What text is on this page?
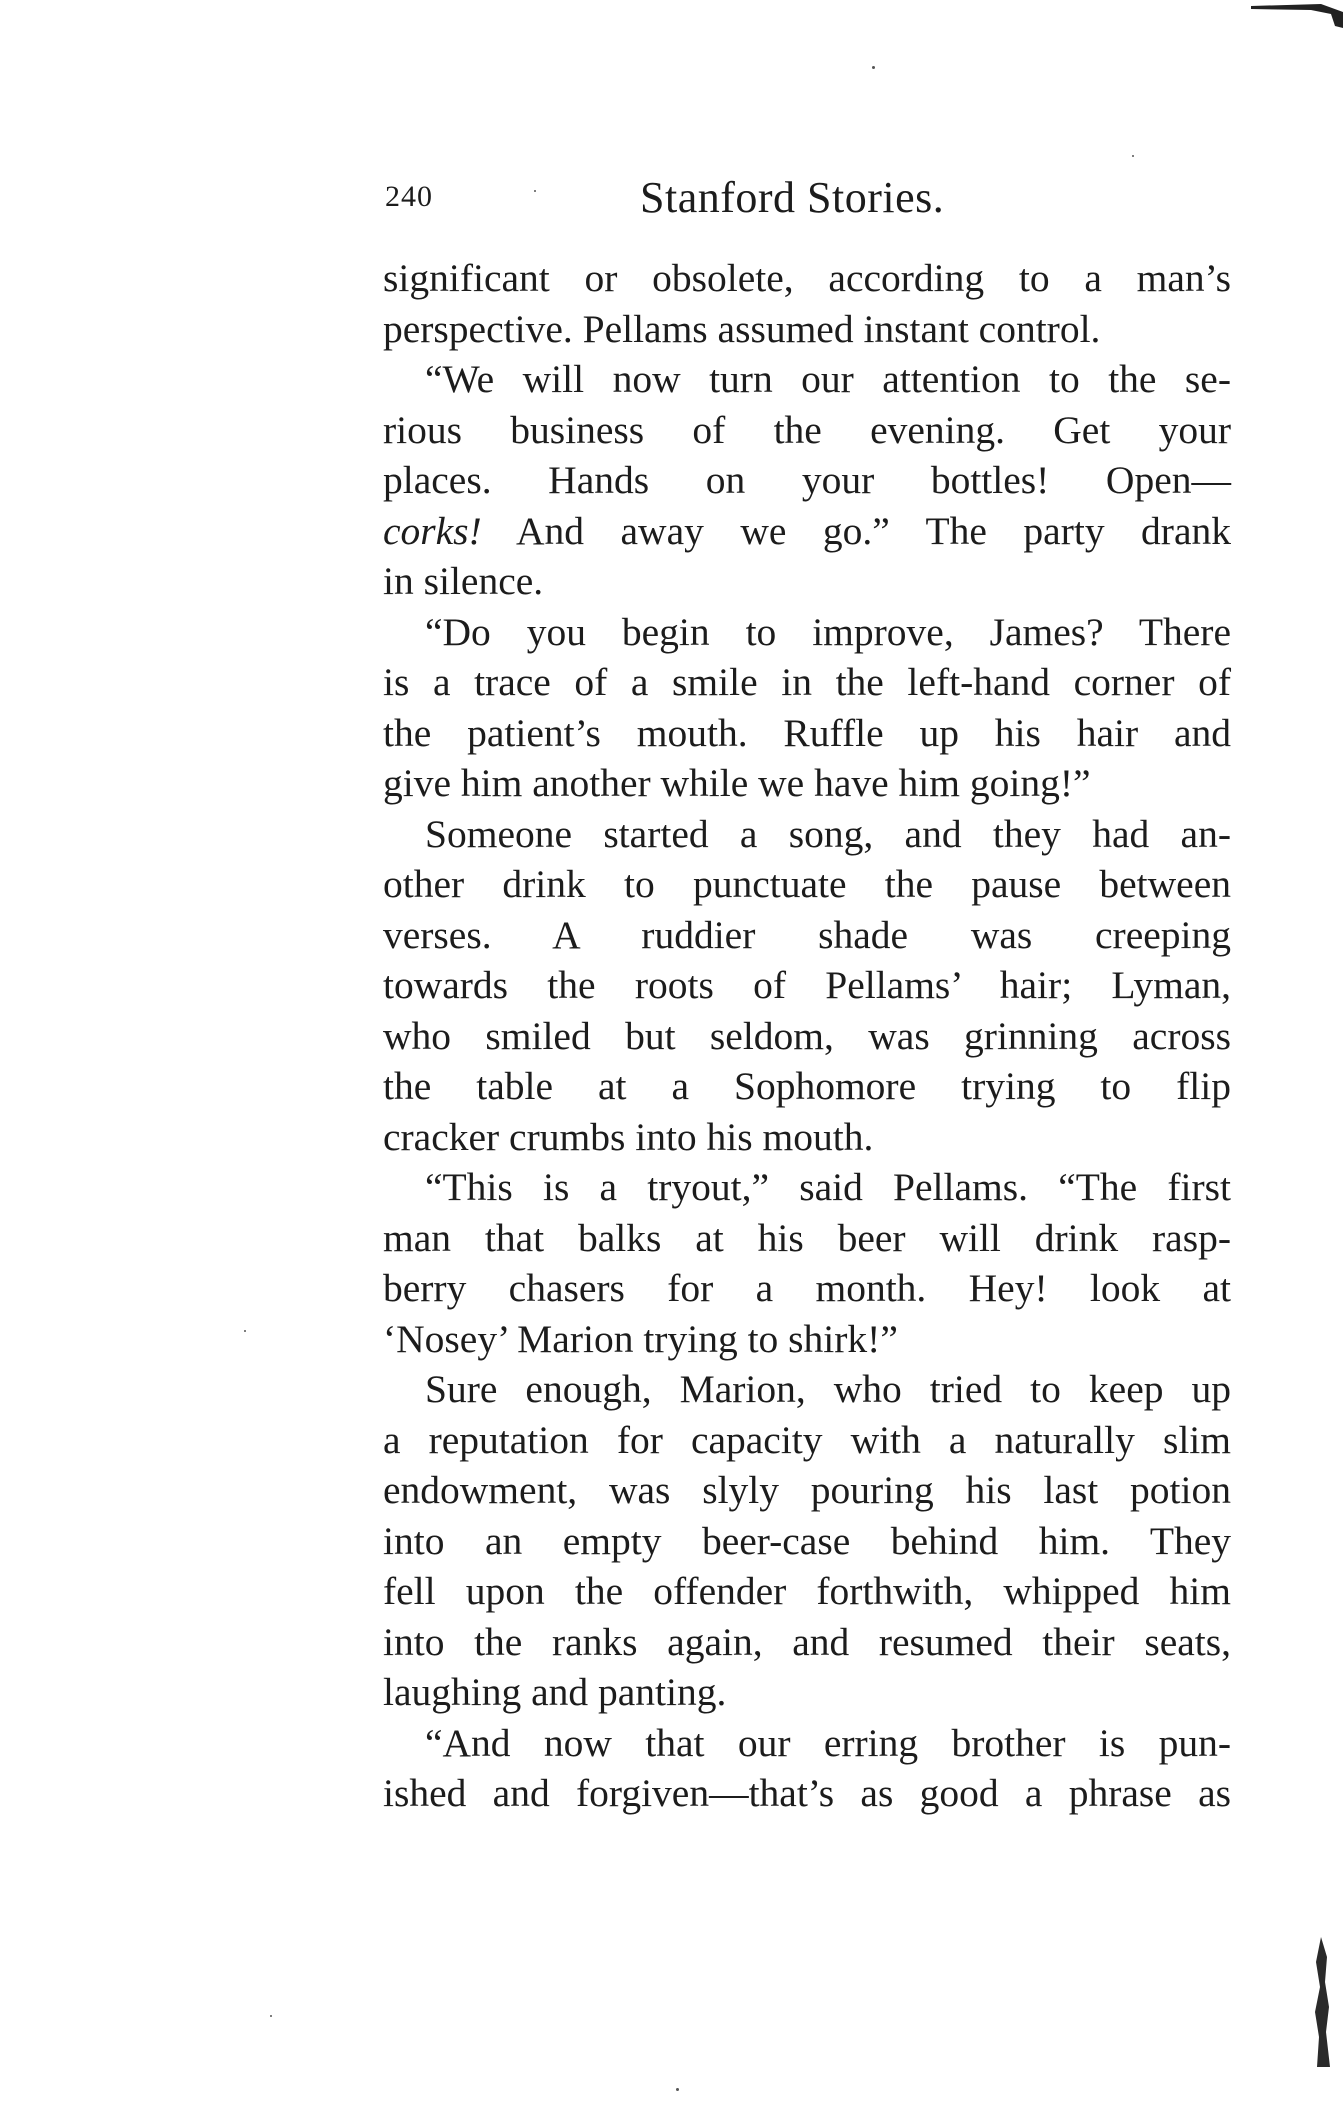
240	Stanford Stories.
significant or obsolete, according to a man’s
perspective. Pellams assumed instant control.
“We will now turn our attention to the se-
rious business of the evening. Get your
places. Hands on your bottles! Open—
corks! And away we go.” The party drank
in silence.
“Do you begin to improve, James? There
is a trace of a smile in the left-hand corner of
the patient’s mouth. Ruffle up his hair and
give him another while we have him going!”
Someone started a song, and they had an-
other drink to punctuate the pause between
verses. A ruddier shade was creeping
towards the roots of Pellams’ hair; Lyman,
who smiled but seldom, was grinning across
the table at a Sophomore trying to flip
cracker crumbs into his mouth.
“This is a tryout,” said Pellams. “The first
man that balks at his beer will drink rasp-
berry chasers for a month. Hey! look at
‘Nosey’ Marion trying to shirk!”
Sure enough, Marion, who tried to keep up
a reputation for capacity with a naturally slim
endowment, was slyly pouring his last potion
into an empty beer-case behind him. They
fell upon the offender forthwith, whipped him
into the ranks again, and resumed their seats,
laughing and panting.
“And now that our erring brother is pun-
ished and forgiven—that’s as good a phrase as
